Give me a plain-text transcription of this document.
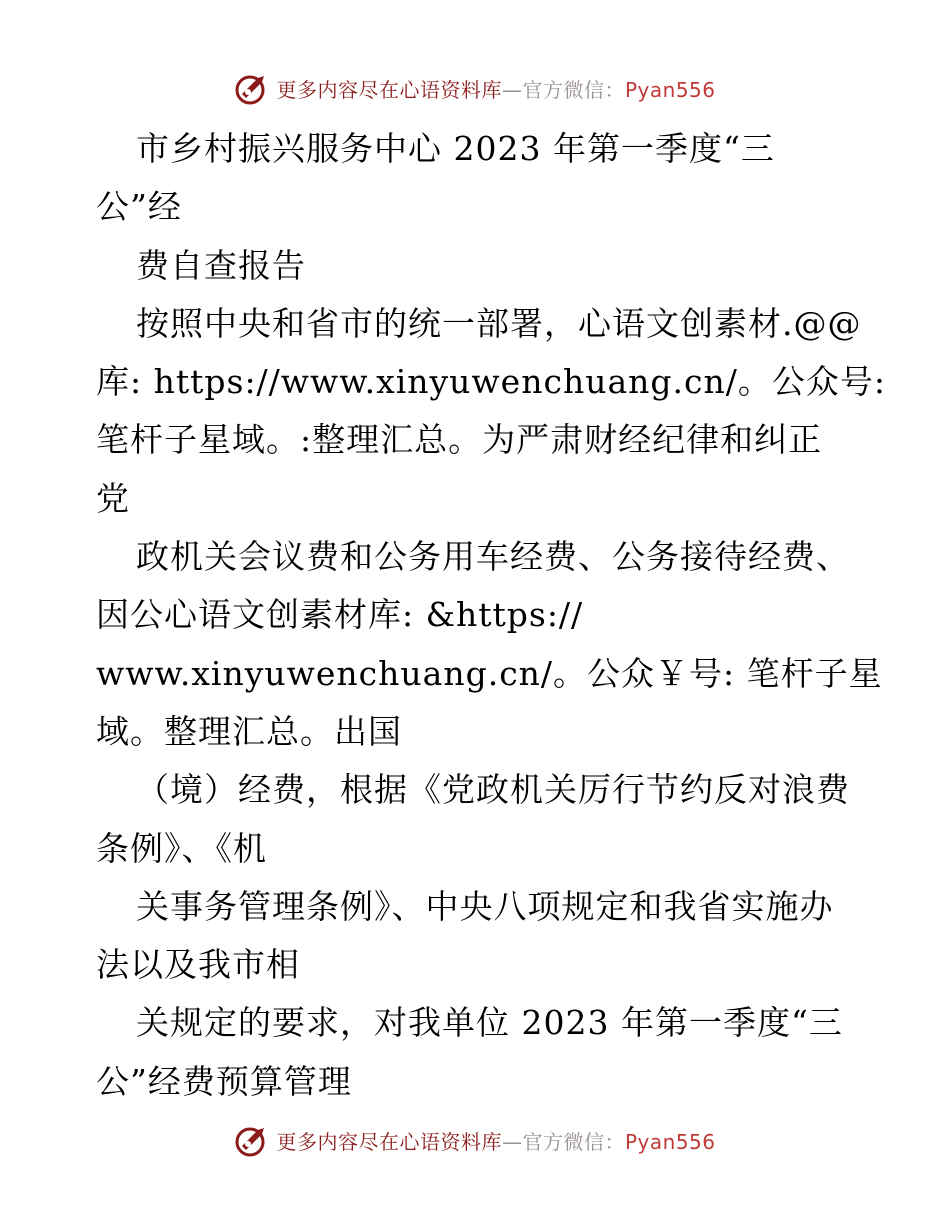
更多内容尽在心语资料库—官方微信：Pyan556
市乡村振兴服务中心 2023 年第一季度“三
公”经
费自查报告
按照中央和省市的统一部署，心语文创素材.@@
库: https://www.xinyuwenchuang.cn/。公众号:
笔杆子星域。:整理汇总。为严肃财经纪律和纠正
党
政机关会议费和公务用车经费、公务接待经费、
因公心语文创素材库: &https://
www.xinyuwenchuang.cn/。公众￥号: 笔杆子星
域。整理汇总。出国
（境）经费，根据《党政机关厉行节约反对浪费
条例》、《机
关事务管理条例》、中央八项规定和我省实施办
法以及我市相
关规定的要求，对我单位 2023 年第一季度“三
公”经费预算管理
更多内容尽在心语资料库—官方微信：Pyan556
